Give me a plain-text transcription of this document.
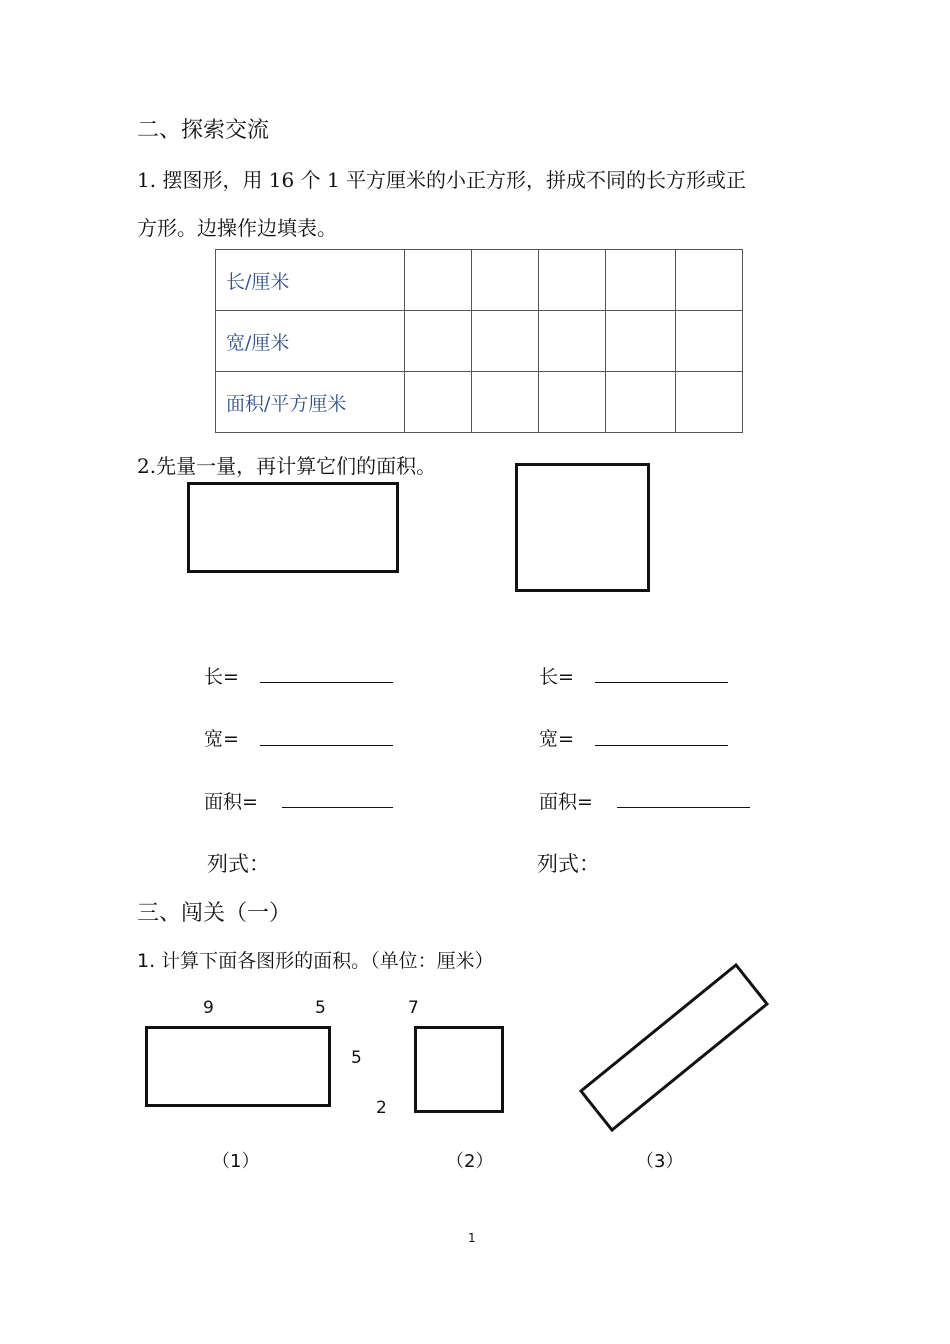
二、探索交流
1. 摆图形，用 16 个 1 平方厘米的小正方形，拼成不同的长方形或正
方形。边操作边填表。
长/厘米					
宽/厘米					
面积/平方厘米					
2.先量一量，再计算它们的面积。
长=
宽=
面积=
列式：
长=
宽=
面积=
列式：
三、闯关（一）
1. 计算下面各图形的面积。（单位：厘米）
9	5	7
5
2
（1）	（2）	（3）
1
